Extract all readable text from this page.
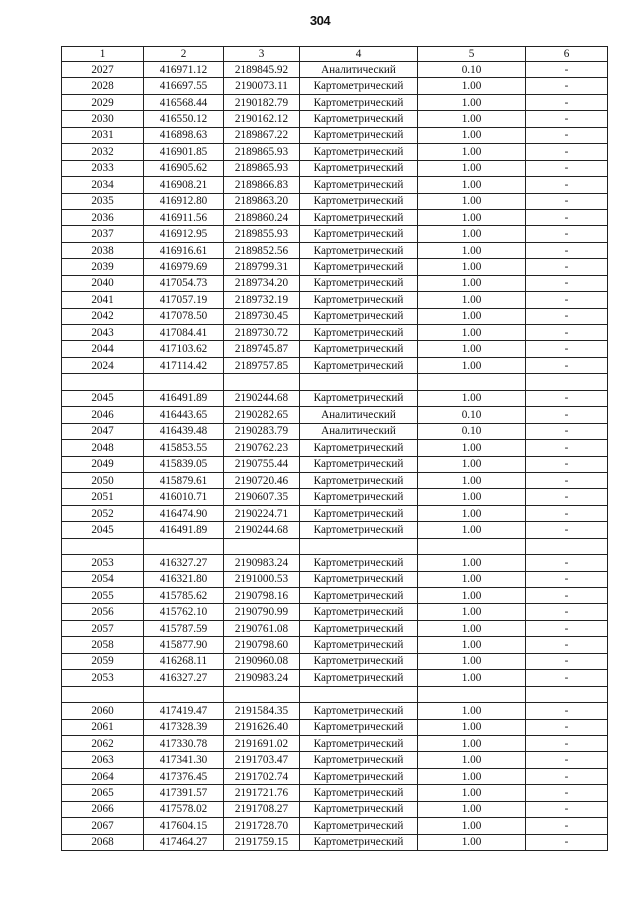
304
1	2	3	4	5	6
2027	416971.12	2189845.92	Аналитический	0.10	-
2028	416697.55	2190073.11	Картометрический	1.00	-
2029	416568.44	2190182.79	Картометрический	1.00	-
2030	416550.12	2190162.12	Картометрический	1.00	-
2031	416898.63	2189867.22	Картометрический	1.00	-
2032	416901.85	2189865.93	Картометрический	1.00	-
2033	416905.62	2189865.93	Картометрический	1.00	-
2034	416908.21	2189866.83	Картометрический	1.00	-
2035	416912.80	2189863.20	Картометрический	1.00	-
2036	416911.56	2189860.24	Картометрический	1.00	-
2037	416912.95	2189855.93	Картометрический	1.00	-
2038	416916.61	2189852.56	Картометрический	1.00	-
2039	416979.69	2189799.31	Картометрический	1.00	-
2040	417054.73	2189734.20	Картометрический	1.00	-
2041	417057.19	2189732.19	Картометрический	1.00	-
2042	417078.50	2189730.45	Картометрический	1.00	-
2043	417084.41	2189730.72	Картометрический	1.00	-
2044	417103.62	2189745.87	Картометрический	1.00	-
2024	417114.42	2189757.85	Картометрический	1.00	-

2045	416491.89	2190244.68	Картометрический	1.00	-
2046	416443.65	2190282.65	Аналитический	0.10	-
2047	416439.48	2190283.79	Аналитический	0.10	-
2048	415853.55	2190762.23	Картометрический	1.00	-
2049	415839.05	2190755.44	Картометрический	1.00	-
2050	415879.61	2190720.46	Картометрический	1.00	-
2051	416010.71	2190607.35	Картометрический	1.00	-
2052	416474.90	2190224.71	Картометрический	1.00	-
2045	416491.89	2190244.68	Картометрический	1.00	-

2053	416327.27	2190983.24	Картометрический	1.00	-
2054	416321.80	2191000.53	Картометрический	1.00	-
2055	415785.62	2190798.16	Картометрический	1.00	-
2056	415762.10	2190790.99	Картометрический	1.00	-
2057	415787.59	2190761.08	Картометрический	1.00	-
2058	415877.90	2190798.60	Картометрический	1.00	-
2059	416268.11	2190960.08	Картометрический	1.00	-
2053	416327.27	2190983.24	Картометрический	1.00	-

2060	417419.47	2191584.35	Картометрический	1.00	-
2061	417328.39	2191626.40	Картометрический	1.00	-
2062	417330.78	2191691.02	Картометрический	1.00	-
2063	417341.30	2191703.47	Картометрический	1.00	-
2064	417376.45	2191702.74	Картометрический	1.00	-
2065	417391.57	2191721.76	Картометрический	1.00	-
2066	417578.02	2191708.27	Картометрический	1.00	-
2067	417604.15	2191728.70	Картометрический	1.00	-
2068	417464.27	2191759.15	Картометрический	1.00	-
